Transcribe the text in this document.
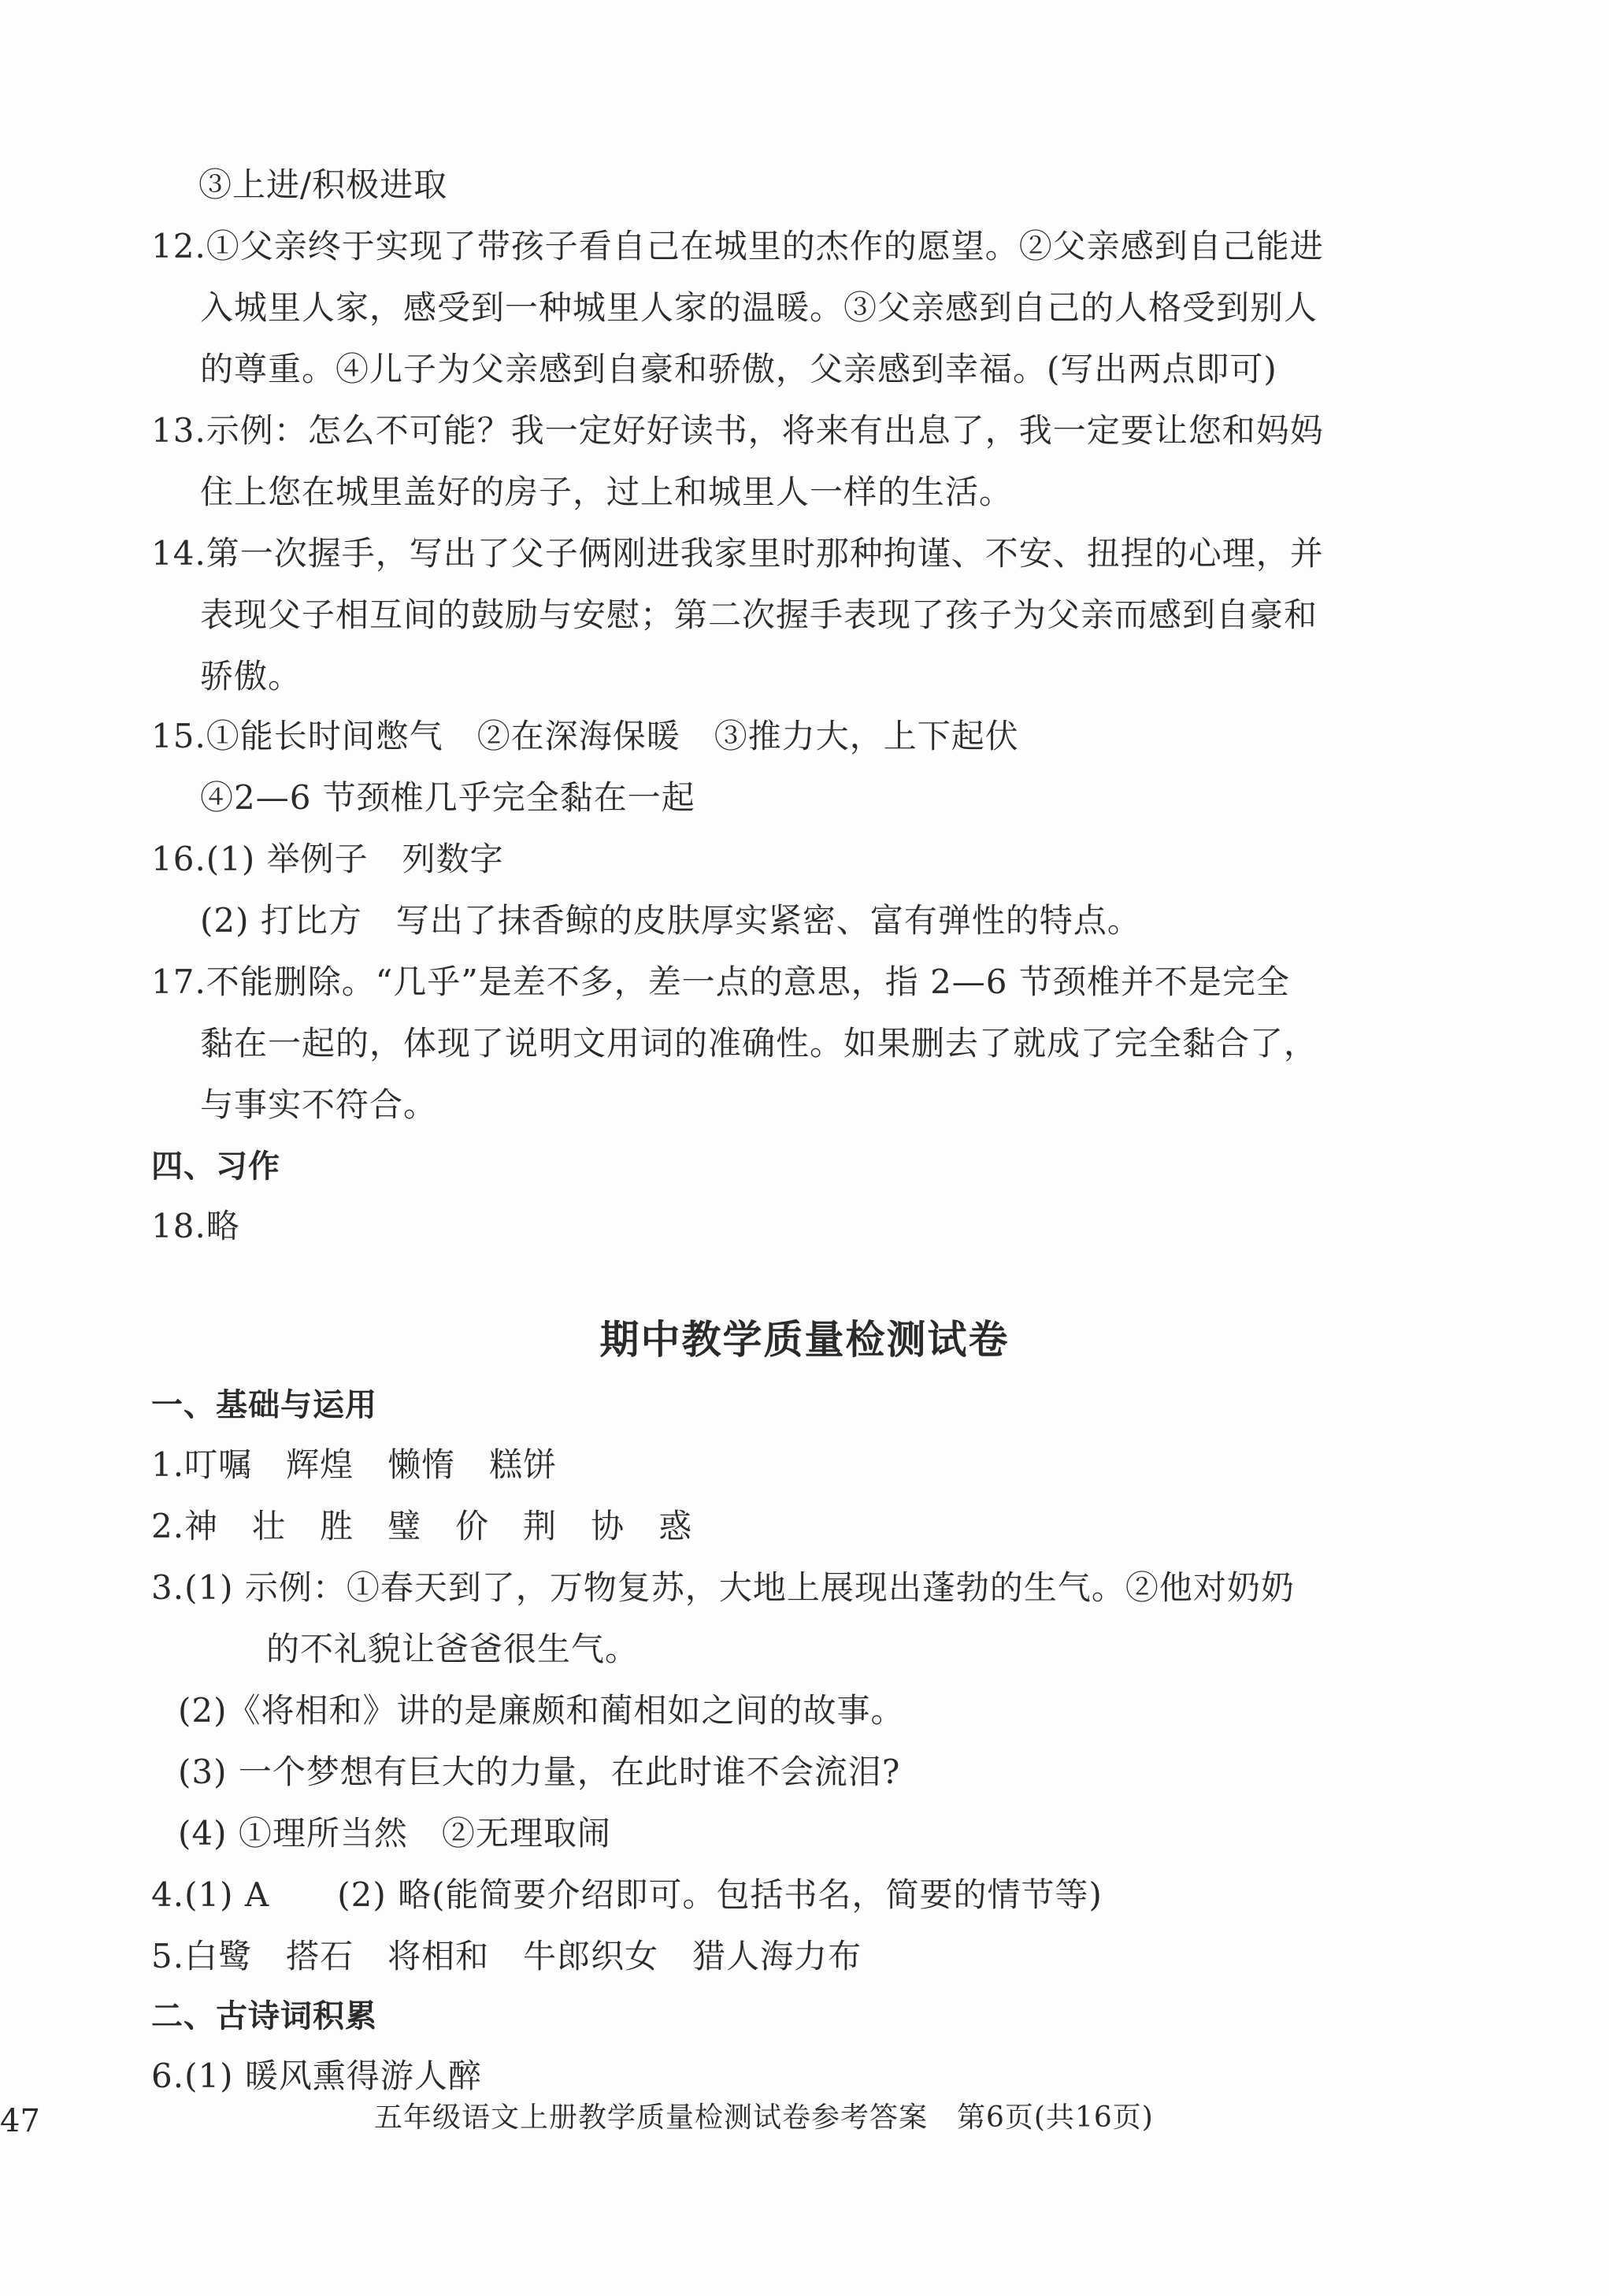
③上进/积极进取
12.①父亲终于实现了带孩子看自己在城里的杰作的愿望。②父亲感到自己能进
入城里人家，感受到一种城里人家的温暖。③父亲感到自己的人格受到别人
的尊重。④儿子为父亲感到自豪和骄傲，父亲感到幸福。(写出两点即可)
13.示例：怎么不可能？我一定好好读书，将来有出息了，我一定要让您和妈妈
住上您在城里盖好的房子，过上和城里人一样的生活。
14.第一次握手，写出了父子俩刚进我家里时那种拘谨、不安、扭捏的心理，并
表现父子相互间的鼓励与安慰；第二次握手表现了孩子为父亲而感到自豪和
骄傲。
15.①能长时间憋气　②在深海保暖　③推力大，上下起伏
④2—6 节颈椎几乎完全黏在一起
16.(1) 举例子　列数字
(2) 打比方　写出了抹香鲸的皮肤厚实紧密、富有弹性的特点。
17.不能删除。“几乎”是差不多，差一点的意思，指 2—6 节颈椎并不是完全
黏在一起的，体现了说明文用词的准确性。如果删去了就成了完全黏合了，
与事实不符合。
四、习作
18.略
期中教学质量检测试卷
一、基础与运用
1.叮嘱　辉煌　懒惰　糕饼
2.神　壮　胜　璧　价　荆　协　惑
3.(1) 示例：①春天到了，万物复苏，大地上展现出蓬勃的生气。②他对奶奶
的不礼貌让爸爸很生气。
(2)《将相和》讲的是廉颇和蔺相如之间的故事。
(3) 一个梦想有巨大的力量，在此时谁不会流泪?
(4) ①理所当然　②无理取闹
4.(1) A　　(2) 略(能简要介绍即可。包括书名，简要的情节等)
5.白鹭　搭石　将相和　牛郎织女　猎人海力布
二、古诗词积累
6.(1) 暖风熏得游人醉
47	五年级语文上册教学质量检测试卷参考答案　第6页(共16页)
